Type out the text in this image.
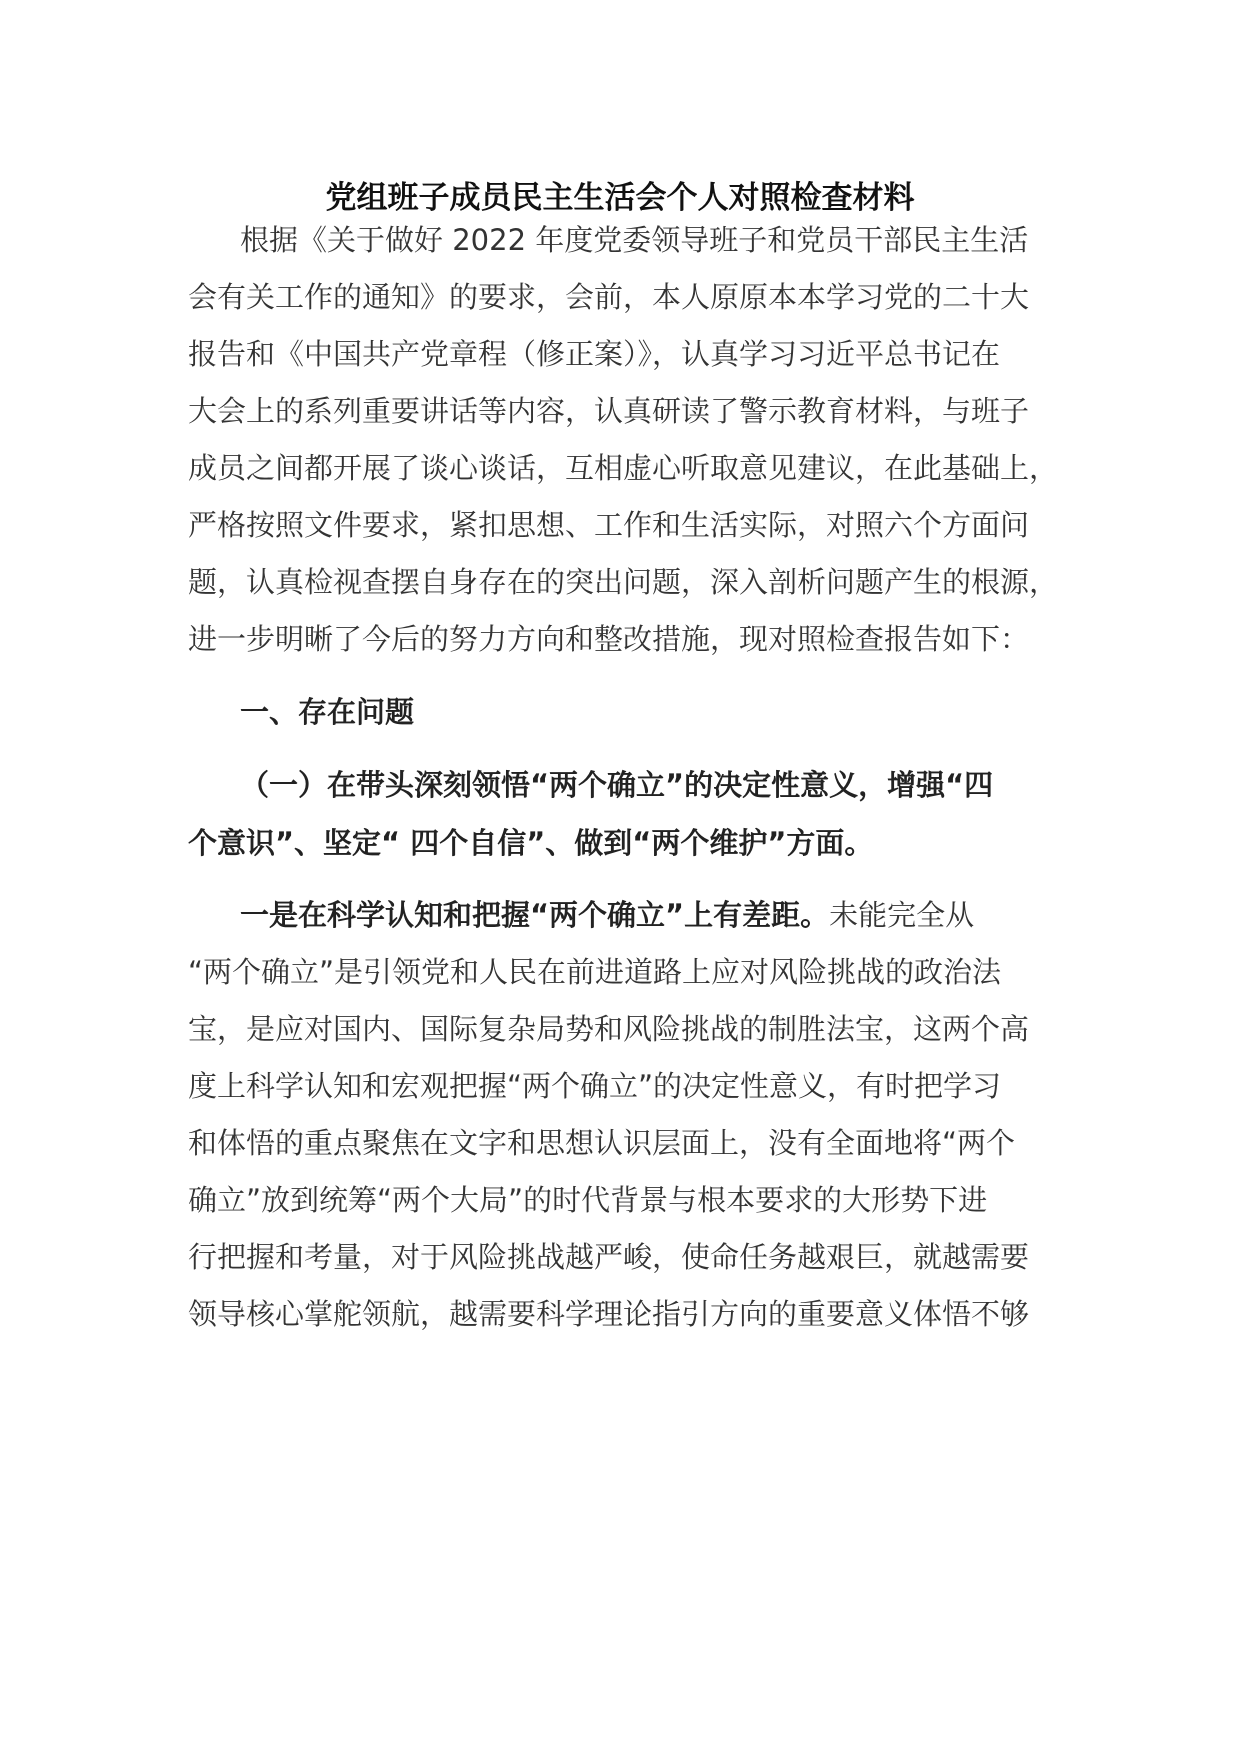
党组班子成员民主生活会个人对照检查材料

根据《关于做好 2022 年度党委领导班子和党员干部民主生活

会有关工作的通知》的要求，会前，本人原原本本学习党的二十大

报告和《中国共产党章程（修正案）》，认真学习习近平总书记在

大会上的系列重要讲话等内容，认真研读了警示教育材料，与班子

成员之间都开展了谈心谈话，互相虚心听取意见建议，在此基础上，

严格按照文件要求，紧扣思想、工作和生活实际，对照六个方面问

题，认真检视查摆自身存在的突出问题，深入剖析问题产生的根源，

进一步明晰了今后的努力方向和整改措施，现对照检查报告如下：

一、存在问题

（一）在带头深刻领悟“两个确立”的决定性意义，增强“四

个意识”、坚定“ 四个自信”、做到“两个维护”方面。

一是在科学认知和把握“两个确立”上有差距。未能完全从

“两个确立”是引领党和人民在前进道路上应对风险挑战的政治法

宝，是应对国内、国际复杂局势和风险挑战的制胜法宝，这两个高

度上科学认知和宏观把握“两个确立”的决定性意义，有时把学习

和体悟的重点聚焦在文字和思想认识层面上，没有全面地将“两个

确立”放到统筹“两个大局”的时代背景与根本要求的大形势下进

行把握和考量，对于风险挑战越严峻，使命任务越艰巨，就越需要

领导核心掌舵领航，越需要科学理论指引方向的重要意义体悟不够
